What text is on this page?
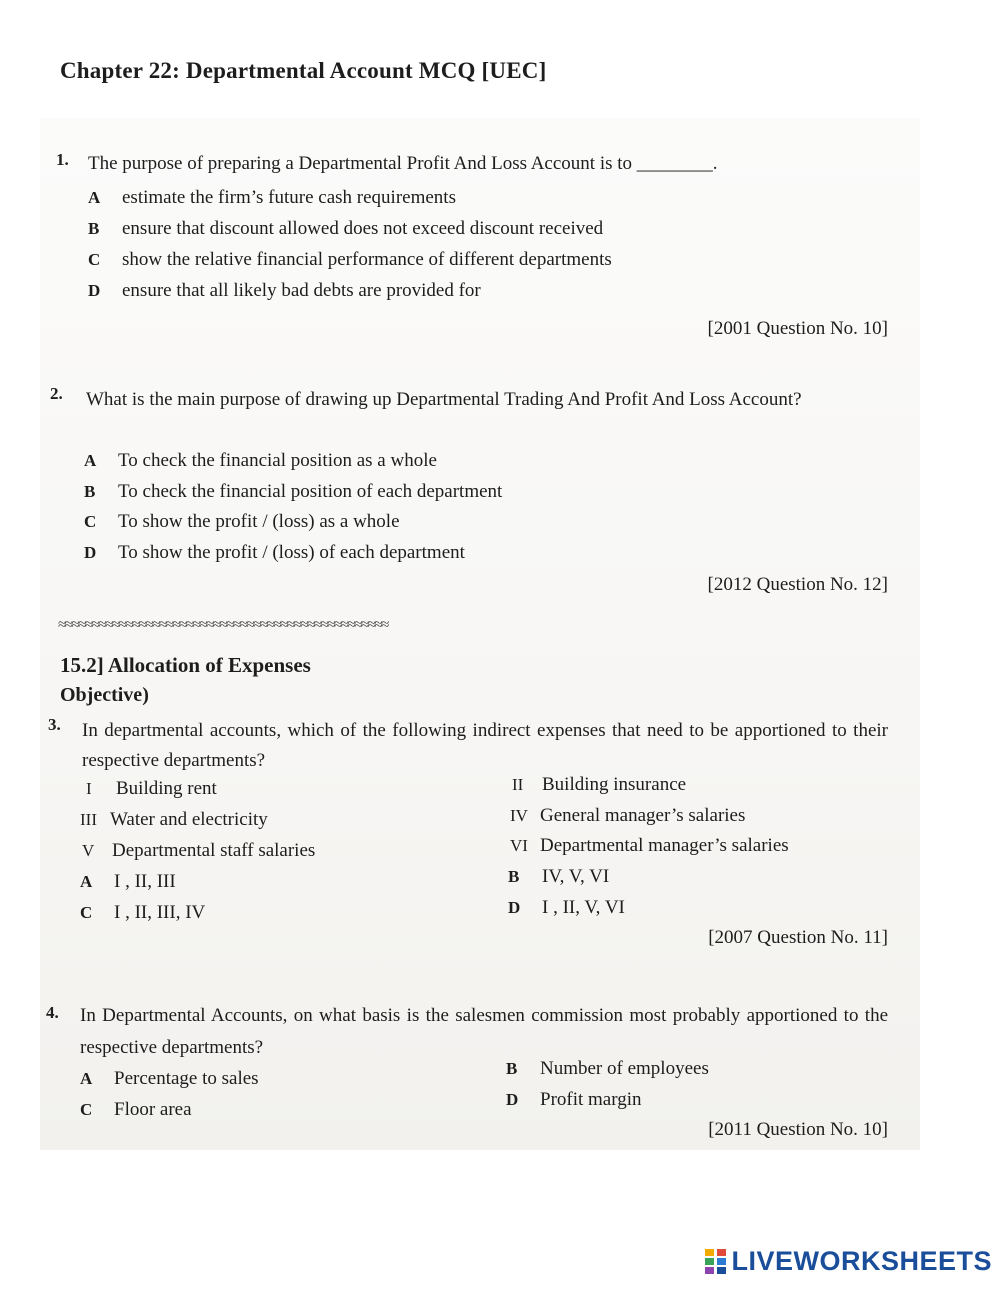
Chapter 22: Departmental Account MCQ [UEC]
1. The purpose of preparing a Departmental Profit And Loss Account is to ________.
A estimate the firm’s future cash requirements
B ensure that discount allowed does not exceed discount received
C show the relative financial performance of different departments
D ensure that all likely bad debts are provided for
[2001 Question No. 10]
2. What is the main purpose of drawing up Departmental Trading And Profit And Loss Account?
A To check the financial position as a whole
B To check the financial position of each department
C To show the profit / (loss) as a whole
D To show the profit / (loss) of each department
[2012 Question No. 12]
≈≈≈≈≈≈≈≈≈≈≈≈≈≈≈≈≈≈≈≈≈≈≈≈≈≈≈≈≈≈≈≈≈≈≈≈≈≈≈≈≈≈≈≈≈≈≈≈≈
15.2] Allocation of Expenses
Objective)
3. In departmental accounts, which of the following indirect expenses that need to be apportioned to their respective departments?
I Building rent	II Building insurance
III Water and electricity	IV General manager’s salaries
V Departmental staff salaries	VI Departmental manager’s salaries
A I , II, III	B IV, V, VI
C I , II, III, IV	D I , II, V, VI
[2007 Question No. 11]
4. In Departmental Accounts, on what basis is the salesmen commission most probably apportioned to the respective departments?
A Percentage to sales	B Number of employees
C Floor area	D Profit margin
[2011 Question No. 10]
LIVEWORKSHEETS
